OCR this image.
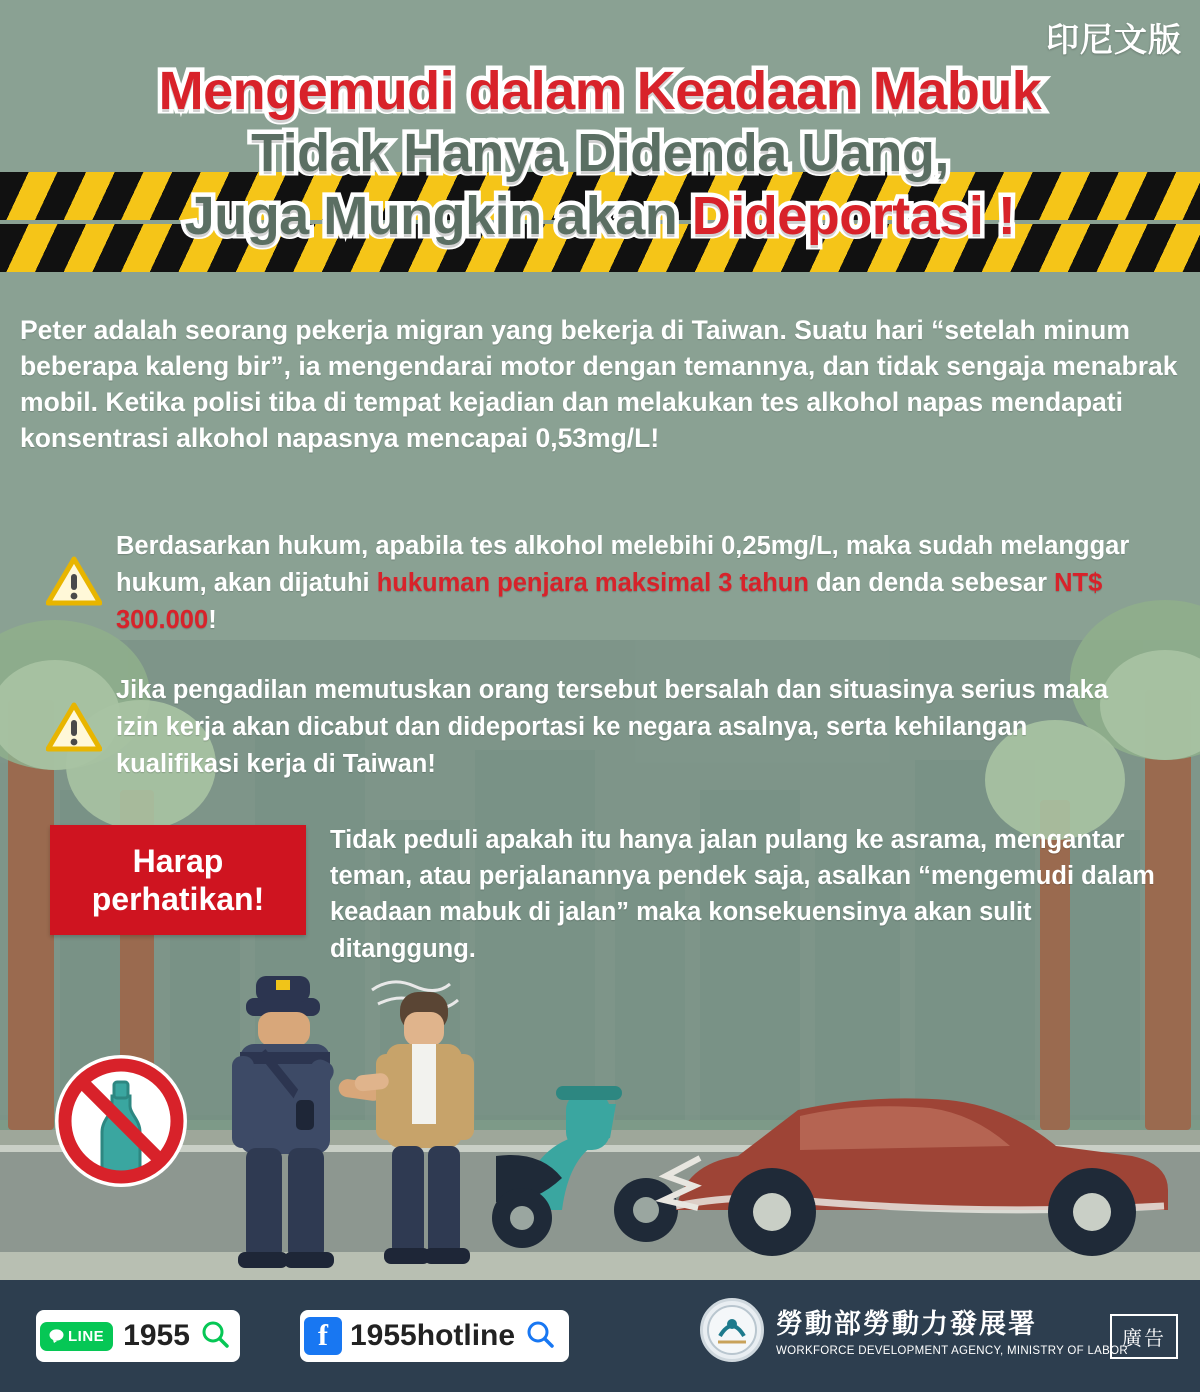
印尼文版
Mengemudi dalam Keadaan Mabuk
Tidak Hanya Didenda Uang,
Juga Mungkin akan Dideportasi !
Peter adalah seorang pekerja migran yang bekerja di Taiwan. Suatu hari “setelah minum beberapa kaleng bir”, ia mengendarai motor dengan temannya, dan tidak sengaja menabrak mobil. Ketika polisi tiba di tempat kejadian dan melakukan tes alkohol napas mendapati konsentrasi alkohol napasnya mencapai 0,53mg/L!
Berdasarkan hukum, apabila tes alkohol melebihi 0,25mg/L, maka sudah melanggar hukum, akan dijatuhi hukuman penjara maksimal 3 tahun dan denda sebesar NT$ 300.000!
Jika pengadilan memutuskan orang tersebut bersalah dan situasinya serius maka izin kerja akan dicabut dan dideportasi ke negara asalnya, serta kehilangan kualifikasi kerja di Taiwan!
Harap perhatikan!
Tidak peduli apakah itu hanya jalan pulang ke asrama, mengantar teman, atau perjalanannya pendek saja, asalkan “mengemudi dalam keadaan mabuk di jalan” maka konsekuensinya akan sulit ditanggung.
LINE 1955	f 1955hotline	勞動部勞動力發展署
WORKFORCE DEVELOPMENT AGENCY, MINISTRY OF LABOR
廣告
